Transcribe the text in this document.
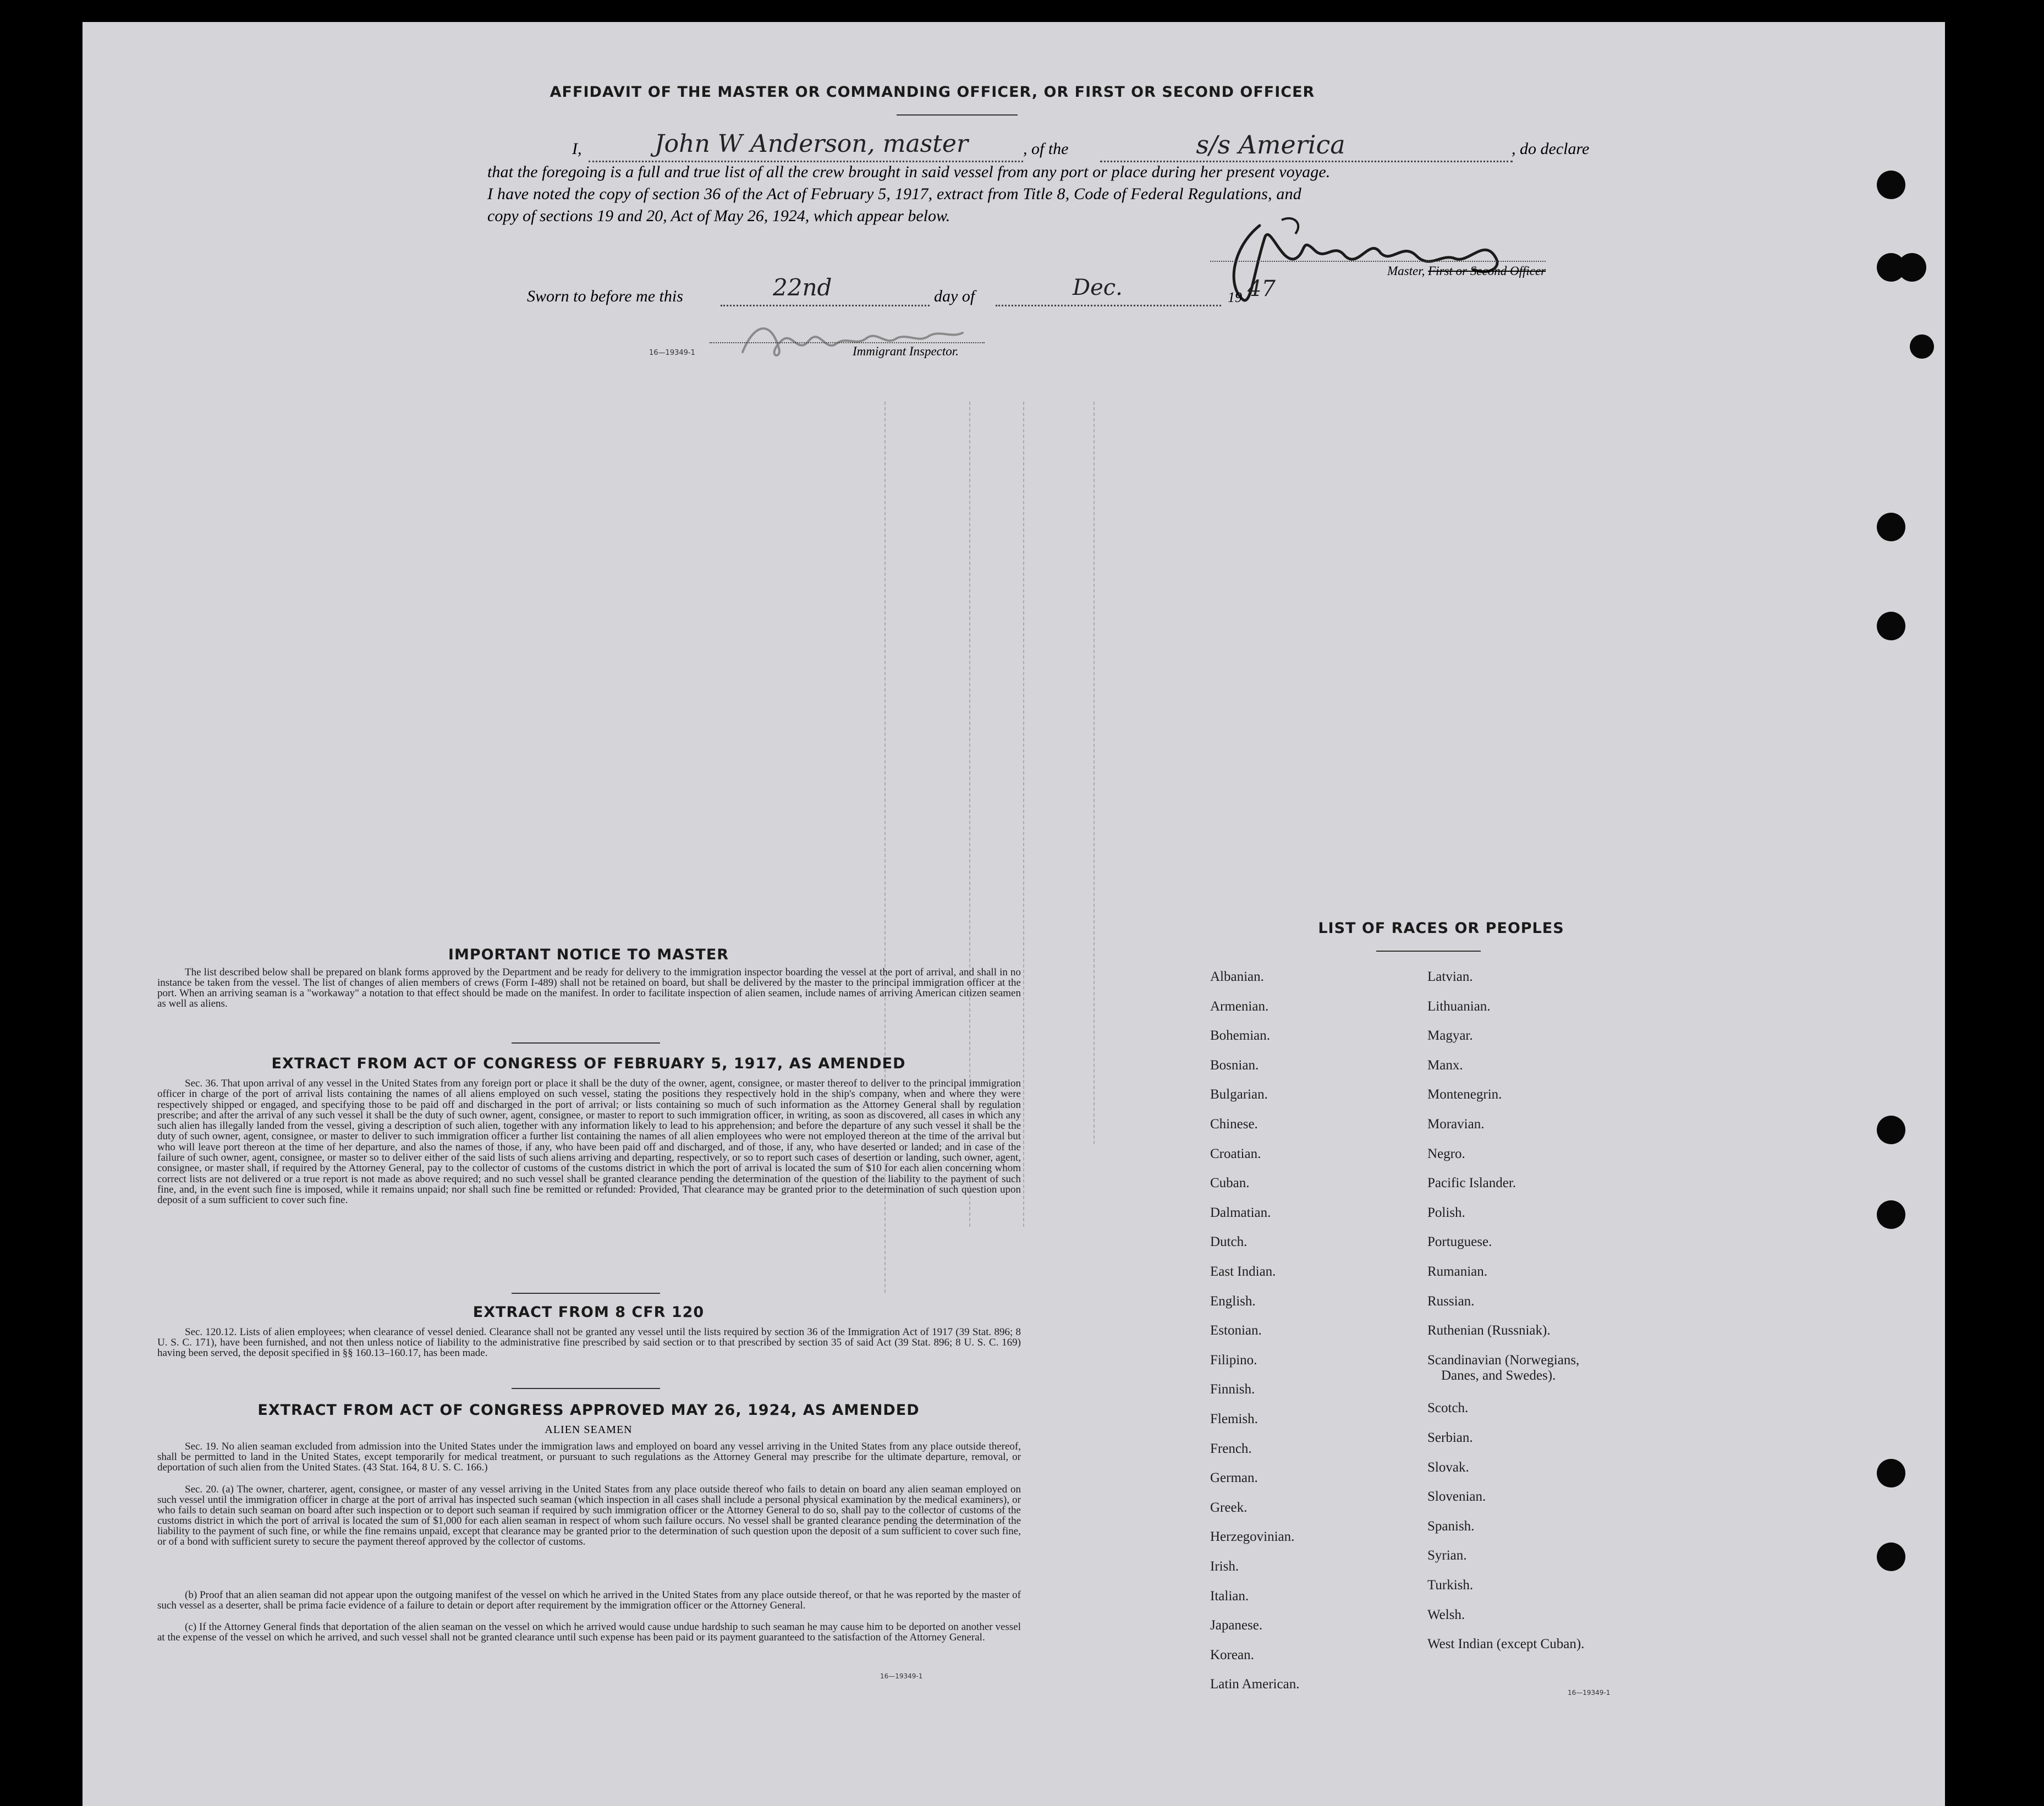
AFFIDAVIT OF THE MASTER OR COMMANDING OFFICER, OR FIRST OR SECOND OFFICER
I,	John W Anderson, master	, of the	s/s America	, do declare
that the foregoing is a full and true list of all the crew brought in said vessel from any port or place during her present voyage.
I have noted the copy of section 36 of the Act of February 5, 1917, extract from Title 8, Code of Federal Regulations, and
copy of sections 19 and 20, Act of May 26, 1924, which appear below.
Master, First or Second Officer
Sworn to before me this	22nd	day of	Dec.	19 47
16—19349-1	Immigrant Inspector.
IMPORTANT NOTICE TO MASTER
The list described below shall be prepared on blank forms approved by the Department and be ready for delivery to the immigration inspector boarding the vessel at the port of arrival, and shall in no instance be taken from the vessel. The list of changes of alien members of crews (Form I-489) shall not be retained on board, but shall be delivered by the master to the principal immigration officer at the port. When an arriving seaman is a "workaway" a notation to that effect should be made on the manifest. In order to facilitate inspection of alien seamen, include names of arriving American citizen seamen as well as aliens.
EXTRACT FROM ACT OF CONGRESS OF FEBRUARY 5, 1917, AS AMENDED
Sec. 36. That upon arrival of any vessel in the United States from any foreign port or place it shall be the duty of the owner, agent, consignee, or master thereof to deliver to the principal immigration officer in charge of the port of arrival lists containing the names of all aliens employed on such vessel, stating the positions they respectively hold in the ship's company, when and where they were respectively shipped or engaged, and specifying those to be paid off and discharged in the port of arrival; or lists containing so much of such information as the Attorney General shall by regulation prescribe; and after the arrival of any such vessel it shall be the duty of such owner, agent, consignee, or master to report to such immigration officer, in writing, as soon as discovered, all cases in which any such alien has illegally landed from the vessel, giving a description of such alien, together with any information likely to lead to his apprehension; and before the departure of any such vessel it shall be the duty of such owner, agent, consignee, or master to deliver to such immigration officer a further list containing the names of all alien employees who were not employed thereon at the time of the arrival but who will leave port thereon at the time of her departure, and also the names of those, if any, who have been paid off and discharged, and of those, if any, who have deserted or landed; and in case of the failure of such owner, agent, consignee, or master so to deliver either of the said lists of such aliens arriving and departing, respectively, or so to report such cases of desertion or landing, such owner, agent, consignee, or master shall, if required by the Attorney General, pay to the collector of customs of the customs district in which the port of arrival is located the sum of $10 for each alien concerning whom correct lists are not delivered or a true report is not made as above required; and no such vessel shall be granted clearance pending the determination of the question of the liability to the payment of such fine, and, in the event such fine is imposed, while it remains unpaid; nor shall such fine be remitted or refunded: Provided, That clearance may be granted prior to the determination of such question upon deposit of a sum sufficient to cover such fine.
EXTRACT FROM 8 CFR 120
Sec. 120.12. Lists of alien employees; when clearance of vessel denied. Clearance shall not be granted any vessel until the lists required by section 36 of the Immigration Act of 1917 (39 Stat. 896; 8 U. S. C. 171), have been furnished, and not then unless notice of liability to the administrative fine prescribed by said section or to that prescribed by section 35 of said Act (39 Stat. 896; 8 U. S. C. 169) having been served, the deposit specified in §§ 160.13–160.17, has been made.
EXTRACT FROM ACT OF CONGRESS APPROVED MAY 26, 1924, AS AMENDED
ALIEN SEAMEN
Sec. 19. No alien seaman excluded from admission into the United States under the immigration laws and employed on board any vessel arriving in the United States from any place outside thereof, shall be permitted to land in the United States, except temporarily for medical treatment, or pursuant to such regulations as the Attorney General may prescribe for the ultimate departure, removal, or deportation of such alien from the United States. (43 Stat. 164, 8 U. S. C. 166.)
Sec. 20. (a) The owner, charterer, agent, consignee, or master of any vessel arriving in the United States from any place outside thereof who fails to detain on board any alien seaman employed on such vessel until the immigration officer in charge at the port of arrival has inspected such seaman (which inspection in all cases shall include a personal physical examination by the medical examiners), or who fails to detain such seaman on board after such inspection or to deport such seaman if required by such immigration officer or the Attorney General to do so, shall pay to the collector of customs of the customs district in which the port of arrival is located the sum of $1,000 for each alien seaman in respect of whom such failure occurs. No vessel shall be granted clearance pending the determination of the liability to the payment of such fine, or while the fine remains unpaid, except that clearance may be granted prior to the determination of such question upon the deposit of a sum sufficient to cover such fine, or of a bond with sufficient surety to secure the payment thereof approved by the collector of customs.
(b) Proof that an alien seaman did not appear upon the outgoing manifest of the vessel on which he arrived in the United States from any place outside thereof, or that he was reported by the master of such vessel as a deserter, shall be prima facie evidence of a failure to detain or deport after requirement by the immigration officer or the Attorney General.
(c) If the Attorney General finds that deportation of the alien seaman on the vessel on which he arrived would cause undue hardship to such seaman he may cause him to be deported on another vessel at the expense of the vessel on which he arrived, and such vessel shall not be granted clearance until such expense has been paid or its payment guaranteed to the satisfaction of the Attorney General.
16—19349-1
LIST OF RACES OR PEOPLES
Albanian.
Armenian.
Bohemian.
Bosnian.
Bulgarian.
Chinese.
Croatian.
Cuban.
Dalmatian.
Dutch.
East Indian.
English.
Estonian.
Filipino.
Finnish.
Flemish.
French.
German.
Greek.
Herzegovinian.
Irish.
Italian.
Japanese.
Korean.
Latin American.
Latvian.
Lithuanian.
Magyar.
Manx.
Montenegrin.
Moravian.
Negro.
Pacific Islander.
Polish.
Portuguese.
Rumanian.
Russian.
Ruthenian (Russniak).
Scandinavian (Norwegians,
Scotch.
Serbian.
Slovak.
Slovenian.
Spanish.
Syrian.
Turkish.
Welsh.
West Indian (except Cuban).
Danes, and Swedes).
16—19349-1
